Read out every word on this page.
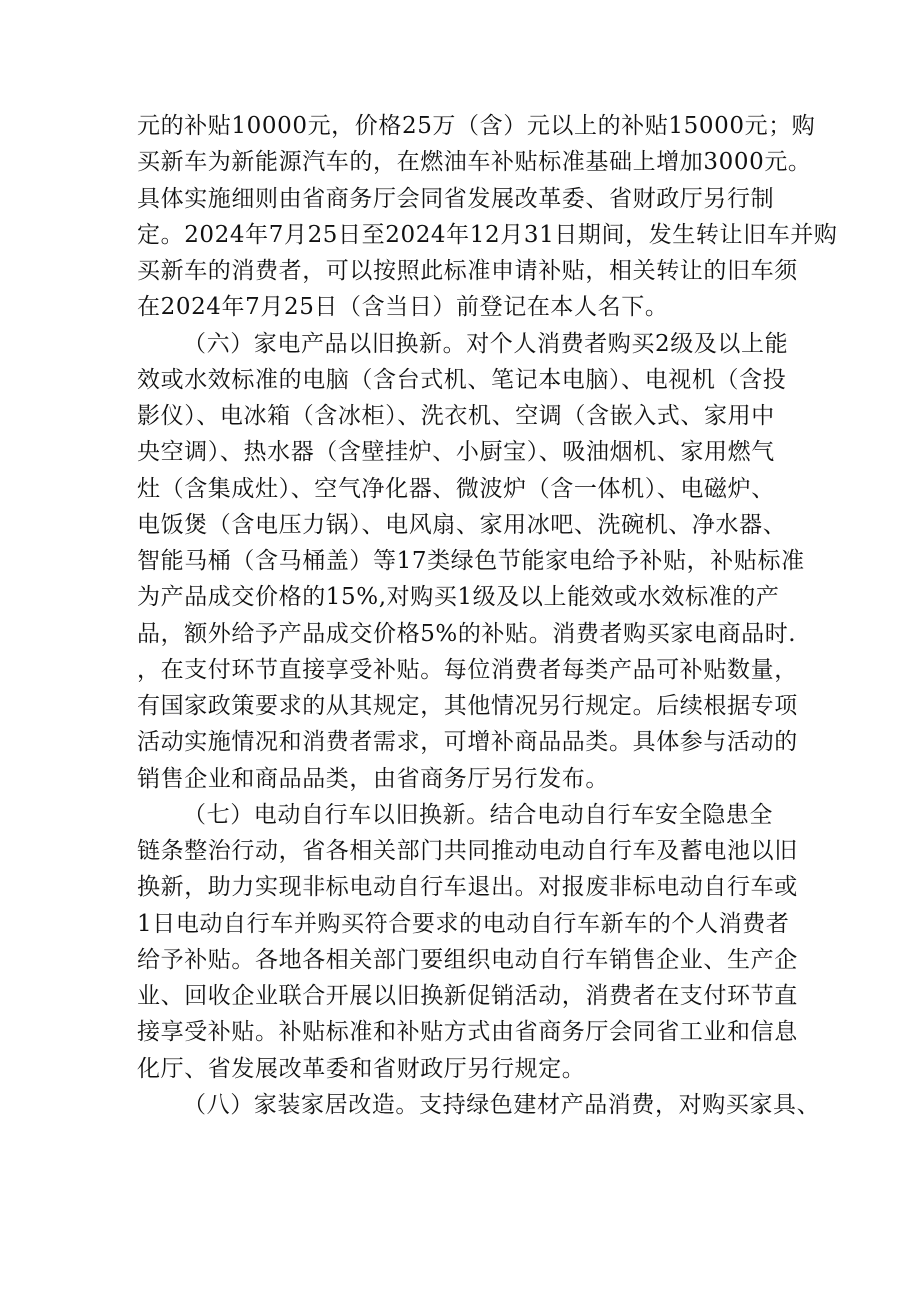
元的补贴10000元，价格25万（含）元以上的补贴15000元；购
买新车为新能源汽车的，在燃油车补贴标准基础上增加3000元。
具体实施细则由省商务厅会同省发展改革委、省财政厅另行制
定。2024年7月25日至2024年12月31日期间，发生转让旧车并购
买新车的消费者，可以按照此标准申请补贴，相关转让的旧车须
在2024年7月25日（含当日）前登记在本人名下。
（六）家电产品以旧换新。对个人消费者购买2级及以上能
效或水效标准的电脑（含台式机、笔记本电脑）、电视机（含投
影仪）、电冰箱（含冰柜）、洗衣机、空调（含嵌入式、家用中
央空调）、热水器（含壁挂炉、小厨宝）、吸油烟机、家用燃气
灶（含集成灶）、空气净化器、微波炉（含一体机）、电磁炉、
电饭煲（含电压力锅）、电风扇、家用冰吧、洗碗机、净水器、
智能马桶（含马桶盖）等17类绿色节能家电给予补贴，补贴标准
为产品成交价格的15%,对购买1级及以上能效或水效标准的产
品，额外给予产品成交价格5%的补贴。消费者购买家电商品时.
，在支付环节直接享受补贴。每位消费者每类产品可补贴数量，
有国家政策要求的从其规定，其他情况另行规定。后续根据专项
活动实施情况和消费者需求，可增补商品品类。具体参与活动的
销售企业和商品品类，由省商务厅另行发布。
（七）电动自行车以旧换新。结合电动自行车安全隐患全
链条整治行动，省各相关部门共同推动电动自行车及蓄电池以旧
换新，助力实现非标电动自行车退出。对报废非标电动自行车或
1日电动自行车并购买符合要求的电动自行车新车的个人消费者
给予补贴。各地各相关部门要组织电动自行车销售企业、生产企
业、回收企业联合开展以旧换新促销活动，消费者在支付环节直
接享受补贴。补贴标准和补贴方式由省商务厅会同省工业和信息
化厅、省发展改革委和省财政厅另行规定。
（八）家装家居改造。支持绿色建材产品消费，对购买家具、
